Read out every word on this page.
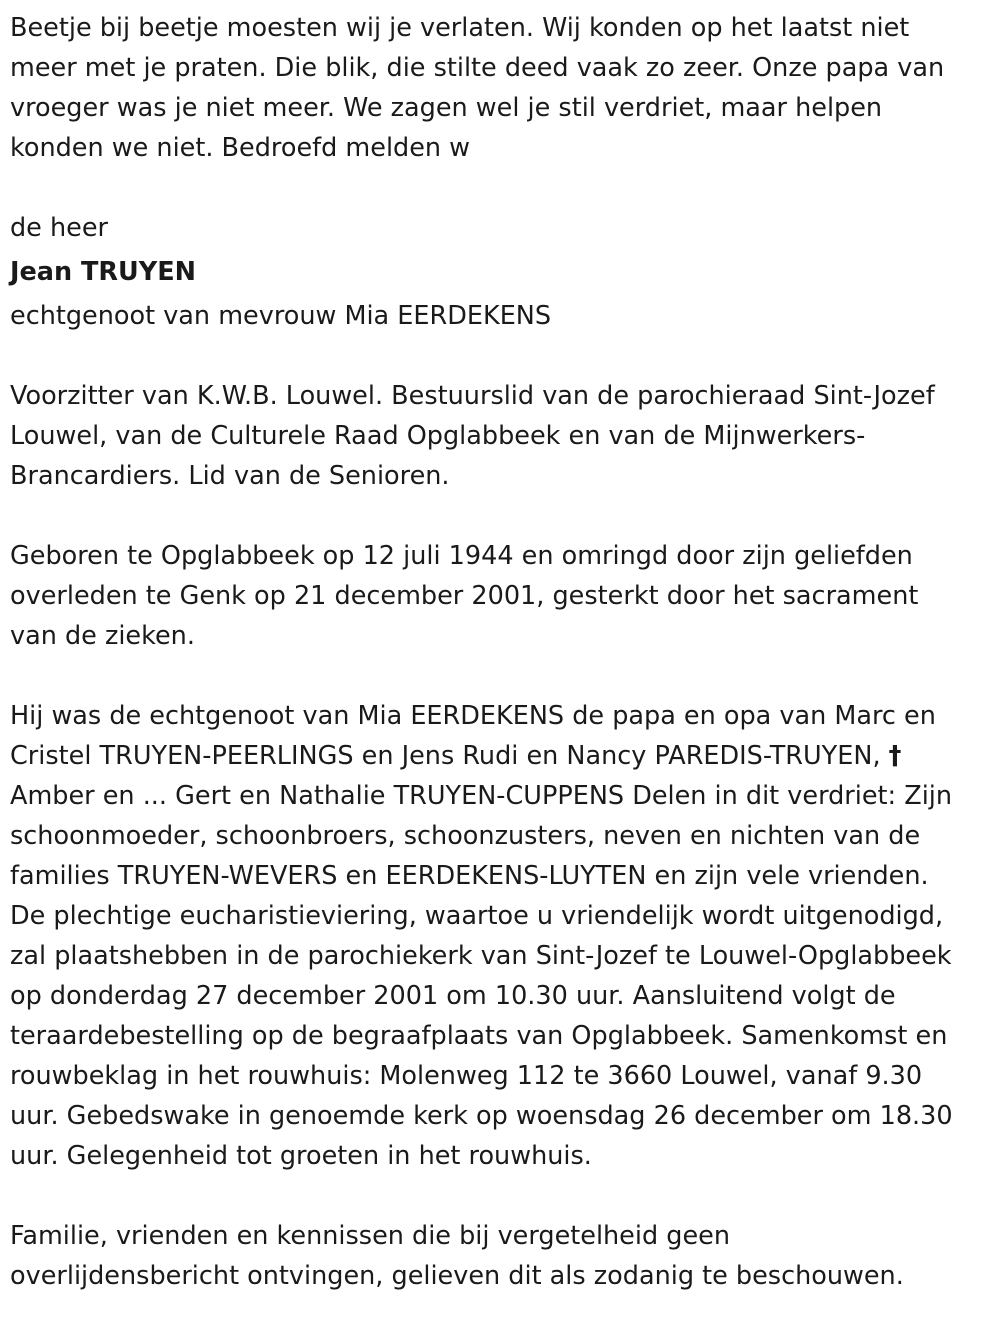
Beetje bij beetje moesten wij je verlaten. Wij konden op het laatst niet
meer met je praten. Die blik, die stilte deed vaak zo zeer. Onze papa van
vroeger was je niet meer. We zagen wel je stil verdriet, maar helpen
konden we niet. Bedroefd melden w
de heer
Jean TRUYEN
echtgenoot van mevrouw Mia EERDEKENS
Voorzitter van K.W.B. Louwel. Bestuurslid van de parochieraad Sint-Jozef
Louwel, van de Culturele Raad Opglabbeek en van de Mijnwerkers-
Brancardiers. Lid van de Senioren.
Geboren te Opglabbeek op 12 juli 1944 en omringd door zijn geliefden
overleden te Genk op 21 december 2001, gesterkt door het sacrament
van de zieken.
Hij was de echtgenoot van Mia EERDEKENS de papa en opa van Marc en
Cristel TRUYEN-PEERLINGS en Jens Rudi en Nancy PAREDIS-TRUYEN, †
Amber en ... Gert en Nathalie TRUYEN-CUPPENS Delen in dit verdriet: Zijn
schoonmoeder, schoonbroers, schoonzusters, neven en nichten van de
families TRUYEN-WEVERS en EERDEKENS-LUYTEN en zijn vele vrienden.
De plechtige eucharistieviering, waartoe u vriendelijk wordt uitgenodigd,
zal plaatshebben in de parochiekerk van Sint-Jozef te Louwel-Opglabbeek
op donderdag 27 december 2001 om 10.30 uur. Aansluitend volgt de
teraardebestelling op de begraafplaats van Opglabbeek. Samenkomst en
rouwbeklag in het rouwhuis: Molenweg 112 te 3660 Louwel, vanaf 9.30
uur. Gebedswake in genoemde kerk op woensdag 26 december om 18.30
uur. Gelegenheid tot groeten in het rouwhuis.
Familie, vrienden en kennissen die bij vergetelheid geen
overlijdensbericht ontvingen, gelieven dit als zodanig te beschouwen.
